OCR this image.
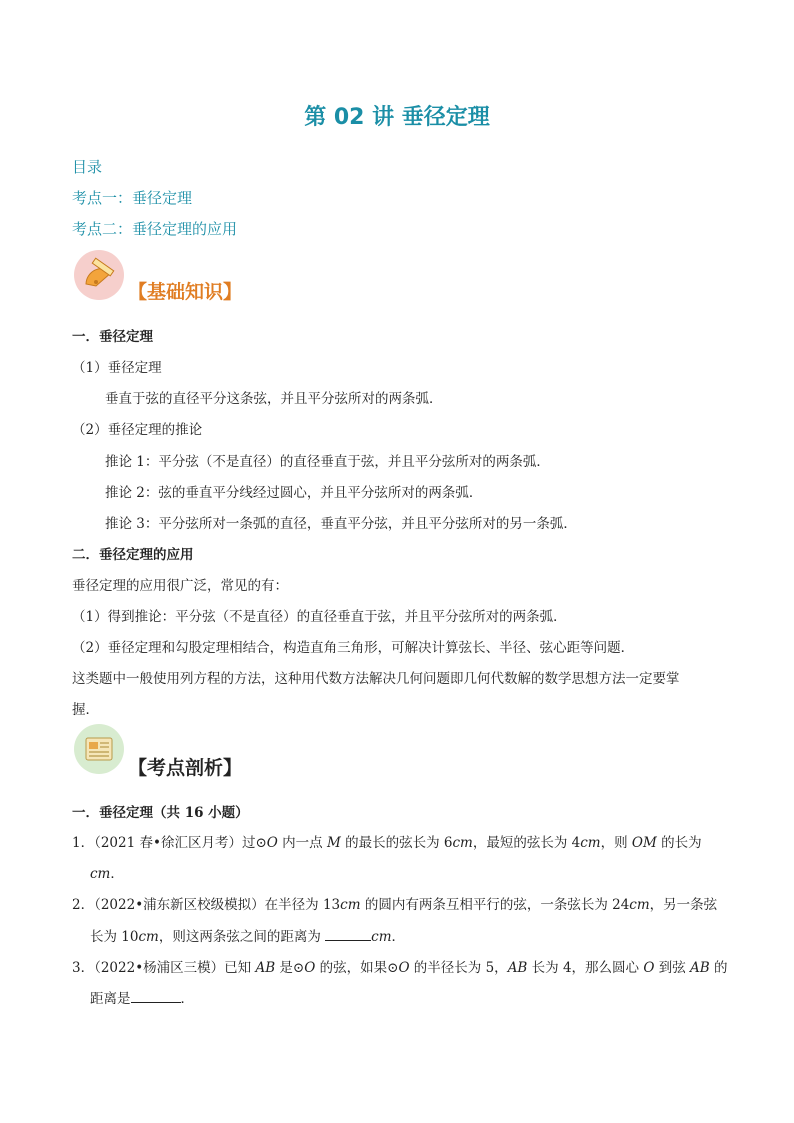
第 02 讲 垂径定理
目录
考点一：垂径定理
考点二：垂径定理的应用
【基础知识】
一．垂径定理
（1）垂径定理
垂直于弦的直径平分这条弦，并且平分弦所对的两条弧．
（2）垂径定理的推论
推论 1：平分弦（不是直径）的直径垂直于弦，并且平分弦所对的两条弧．
推论 2：弦的垂直平分线经过圆心，并且平分弦所对的两条弧．
推论 3：平分弦所对一条弧的直径，垂直平分弦，并且平分弦所对的另一条弧．
二．垂径定理的应用
垂径定理的应用很广泛，常见的有：
（1）得到推论：平分弦（不是直径）的直径垂直于弦，并且平分弦所对的两条弧．
（2）垂径定理和勾股定理相结合，构造直角三角形，可解决计算弦长、半径、弦心距等问题．
这类题中一般使用列方程的方法，这种用代数方法解决几何问题即几何代数解的数学思想方法一定要掌
握．
【考点剖析】
一．垂径定理（共 16 小题）
1．（2021 春•徐汇区月考）过⊙O 内一点 M 的最长的弦长为 6cm，最短的弦长为 4cm，则 OM 的长为
cm．
2．（2022•浦东新区校级模拟）在半径为 13cm 的圆内有两条互相平行的弦，一条弦长为 24cm，另一条弦
长为 10cm，则这两条弦之间的距离为	cm．
3．（2022•杨浦区三模）已知 AB 是⊙O 的弦，如果⊙O 的半径长为 5，AB 长为 4，那么圆心 O 到弦 AB 的
距离是	．
